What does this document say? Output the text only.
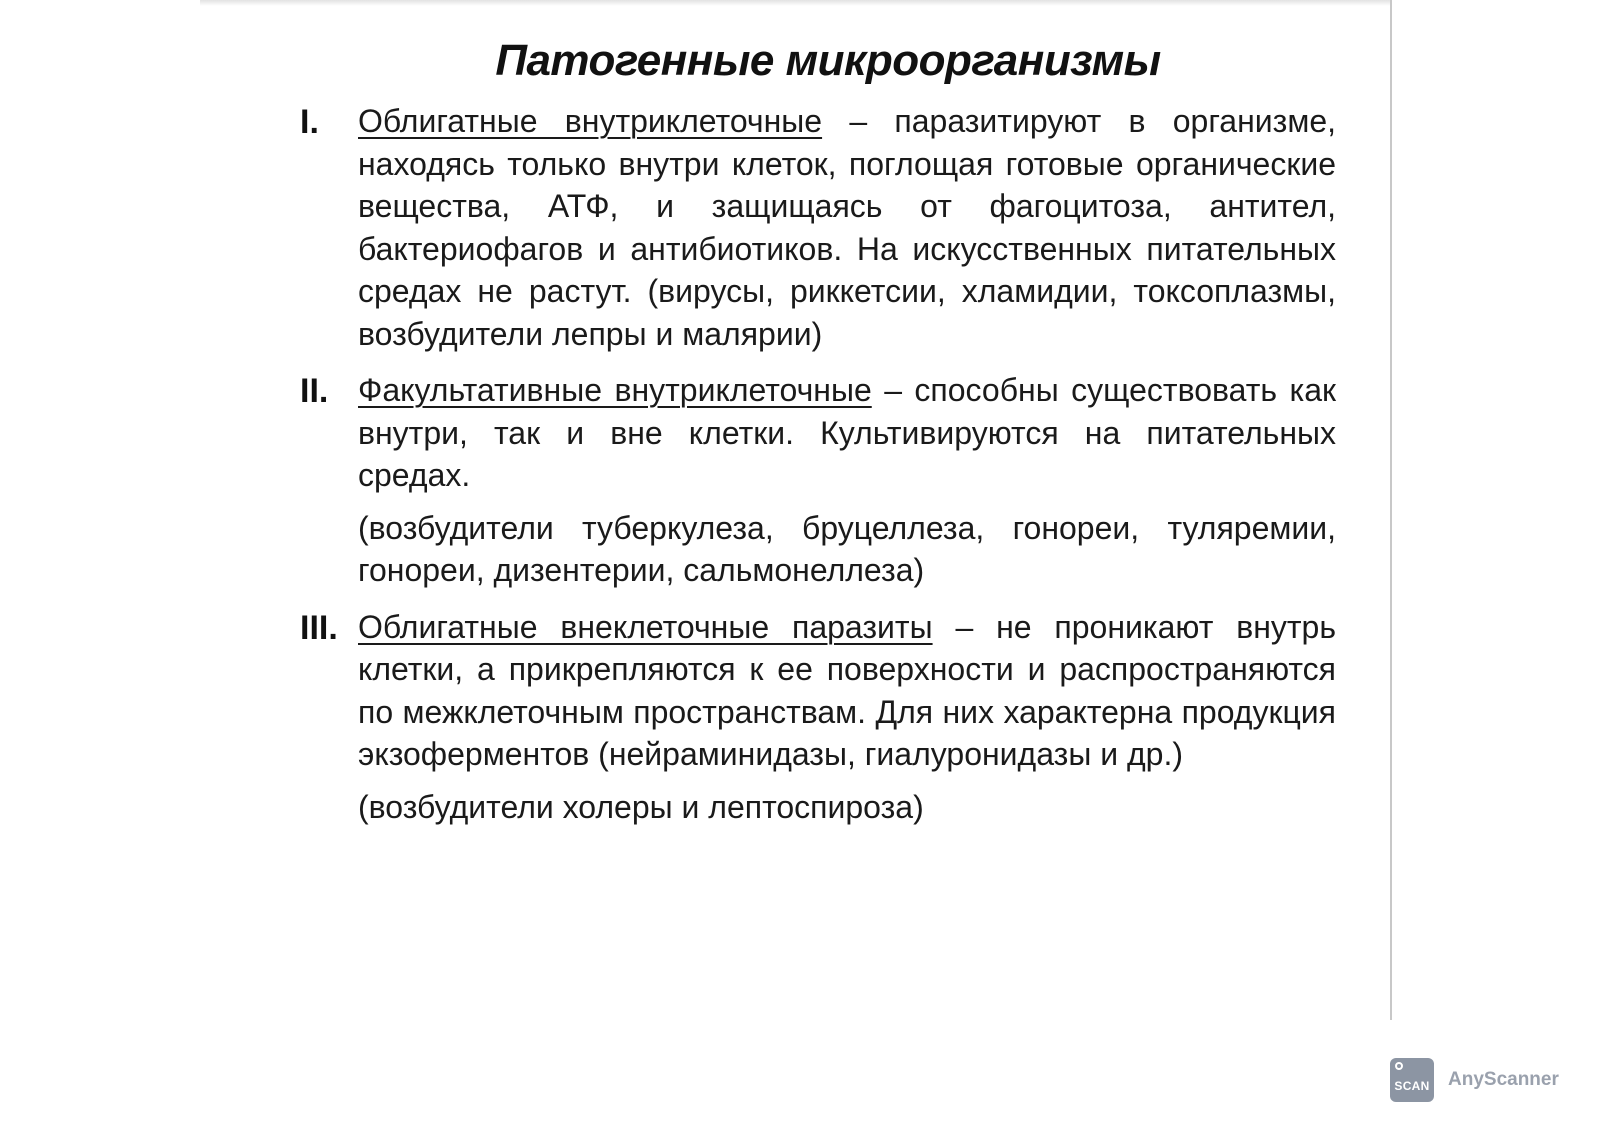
Патогенные микроорганизмы
I.	Облигатные внутриклеточные – паразитируют в организме, находясь только внутри клеток, поглощая готовые органические вещества, АТФ, и защищаясь от фагоцитоза, антител, бактериофагов и антибиотиков. На искусственных питательных средах не растут. (вирусы, риккетсии, хламидии, токсоплазмы, возбудители лепры и малярии)

II. Факультативные внутриклеточные – способны существовать как внутри, так и вне клетки. Культивируются на питательных средах.

(возбудители туберкулеза, бруцеллеза, гонореи, туляремии, гонореи, дизентерии, сальмонеллеза)

III. Облигатные внеклеточные паразиты – не проникают внутрь клетки, а прикрепляются к ее поверхности и распространяются по межклеточным пространствам. Для них характерна продукция экзоферментов (нейраминидазы, гиалуронидазы и др.)

(возбудители холеры и лептоспироза)

SCAN AnyScanner
